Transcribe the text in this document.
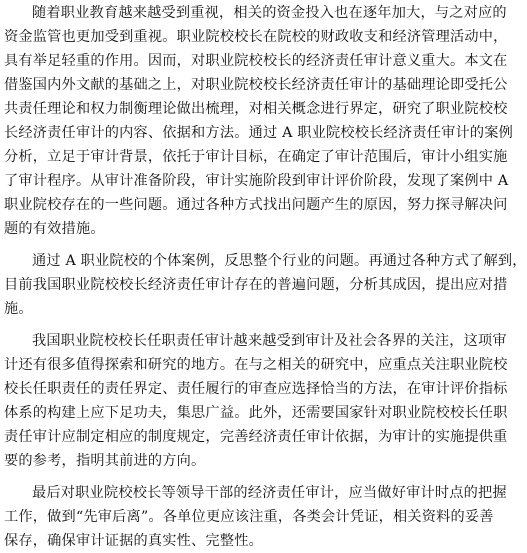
随着职业教育越来越受到重视，相关的资金投入也在逐年加大，与之对应的
资金监管也更加受到重视。职业院校校长在院校的财政收支和经济管理活动中，
具有举足轻重的作用。因而，对职业院校校长的经济责任审计意义重大。本文在
借鉴国内外文献的基础之上，对职业院校校长经济责任审计的基础理论即受托公
共责任理论和权力制衡理论做出梳理，对相关概念进行界定，研究了职业院校校
长经济责任审计的内容、依据和方法。通过 A 职业院校校长经济责任审计的案例
分析，立足于审计背景，依托于审计目标，在确定了审计范围后，审计小组实施
了审计程序。从审计准备阶段，审计实施阶段到审计评价阶段，发现了案例中 A
职业院校存在的一些问题。通过各种方式找出问题产生的原因，努力探寻解决问
题的有效措施。
通过 A 职业院校的个体案例，反思整个行业的问题。再通过各种方式了解到，
目前我国职业院校校长经济责任审计存在的普遍问题，分析其成因，提出应对措
施。
我国职业院校校长任职责任审计越来越受到审计及社会各界的关注，这项审
计还有很多值得探索和研究的地方。在与之相关的研究中，应重点关注职业院校
校长任职责任的责任界定、责任履行的审查应选择恰当的方法，在审计评价指标
体系的构建上应下足功夫，集思广益。此外，还需要国家针对职业院校校长任职
责任审计应制定相应的制度规定，完善经济责任审计依据，为审计的实施提供重
要的参考，指明其前进的方向。
最后对职业院校校长等领导干部的经济责任审计，应当做好审计时点的把握
工作，做到“先审后离”。各单位更应该注重，各类会计凭证，相关资料的妥善
保存，确保审计证据的真实性、完整性。
